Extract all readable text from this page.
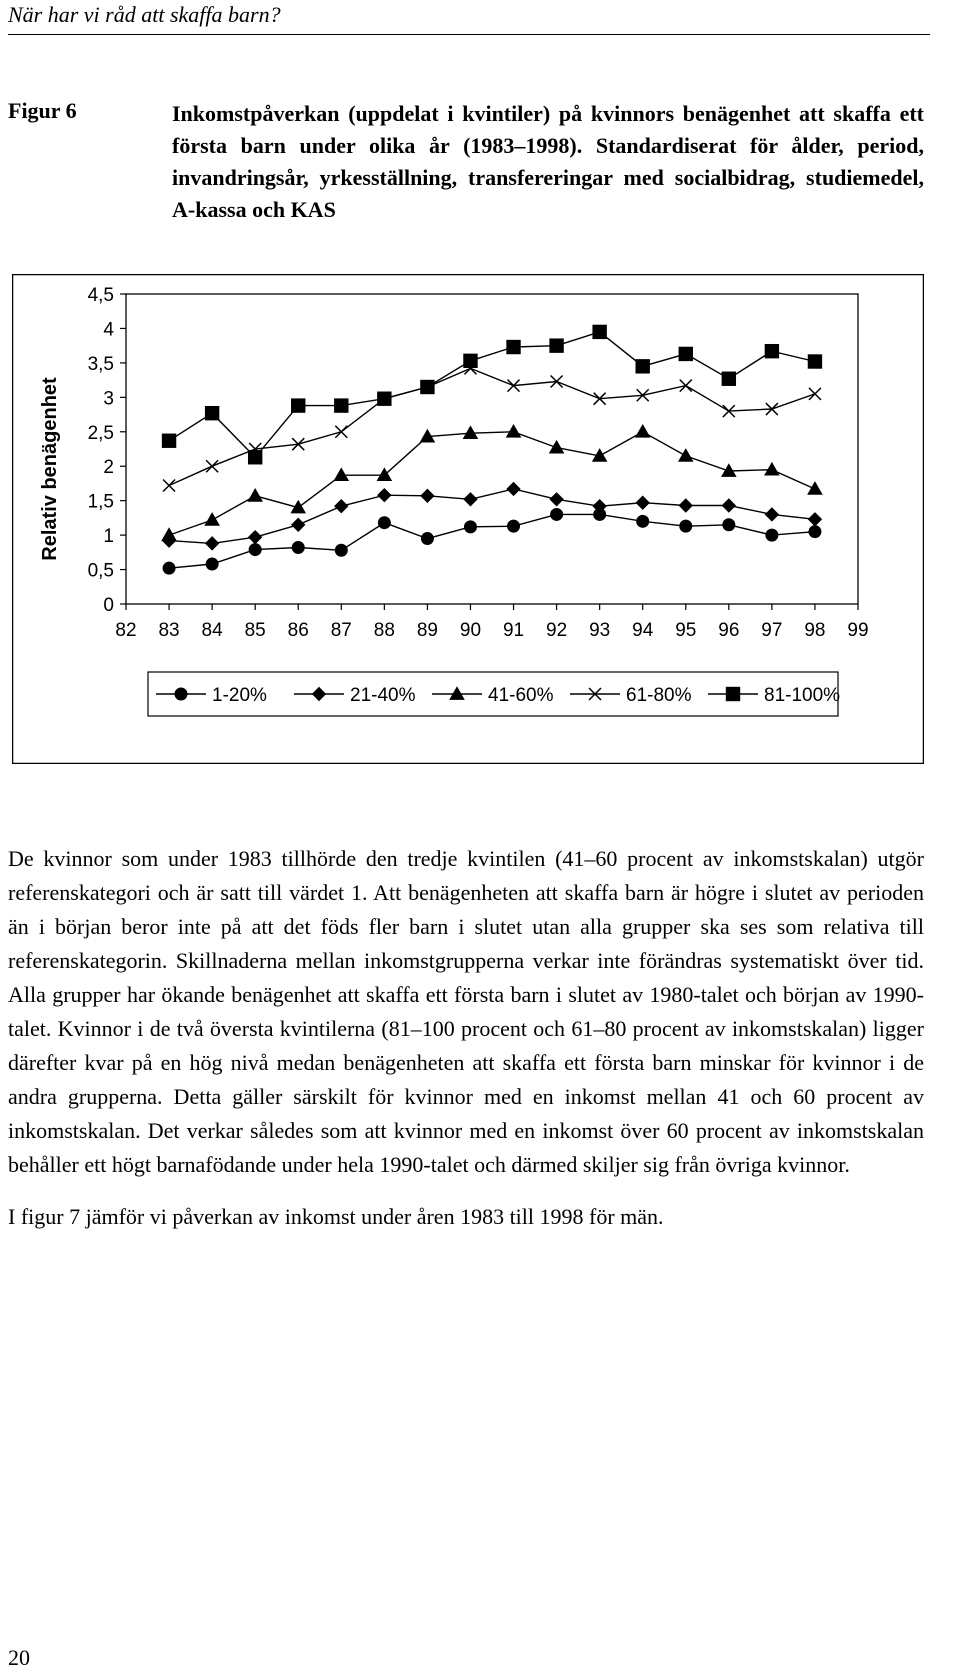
När har vi råd att skaffa barn?
Figur 6	Inkomstpåverkan (uppdelat i kvintiler) på kvinnors benägenhet att skaffa ett första barn under olika år (1983–1998). Standardiserat för ålder, period, invandringsår, yrkesställning, transfereringar med socialbidrag, studiemedel, A-kassa och KAS
0
0,5
1
1,5
2
2,5
3
3,5
4
4,5
82 83 84 85 86 87 88 89 90 91 92 93 94 95 96 97 98 99
Relativ benägenhet
1-20%	21-40%	41-60%	61-80%	81-100%

De kvinnor som under 1983 tillhörde den tredje kvintilen (41–60 procent av inkomstskalan) utgör referenskategori och är satt till värdet 1. Att benägenheten att skaffa barn är högre i slutet av perioden än i början beror inte på att det föds fler barn i slutet utan alla grupper ska ses som relativa till referenskategorin. Skillnaderna mellan inkomstgrupperna verkar inte förändras systematiskt över tid. Alla grupper har ökande benägenhet att skaffa ett första barn i slutet av 1980-talet och början av 1990-talet. Kvinnor i de två översta kvintilerna (81–100 procent och 61–80 procent av inkomstskalan) ligger därefter kvar på en hög nivå medan benägenheten att skaffa ett första barn minskar för kvinnor i de andra grupperna. Detta gäller särskilt för kvinnor med en inkomst mellan 41 och 60 procent av inkomstskalan. Det verkar således som att kvinnor med en inkomst över 60 procent av inkomstskalan behåller ett högt barnafödande under hela 1990-talet och därmed skiljer sig från övriga kvinnor.

I figur 7 jämför vi påverkan av inkomst under åren 1983 till 1998 för män.

20
